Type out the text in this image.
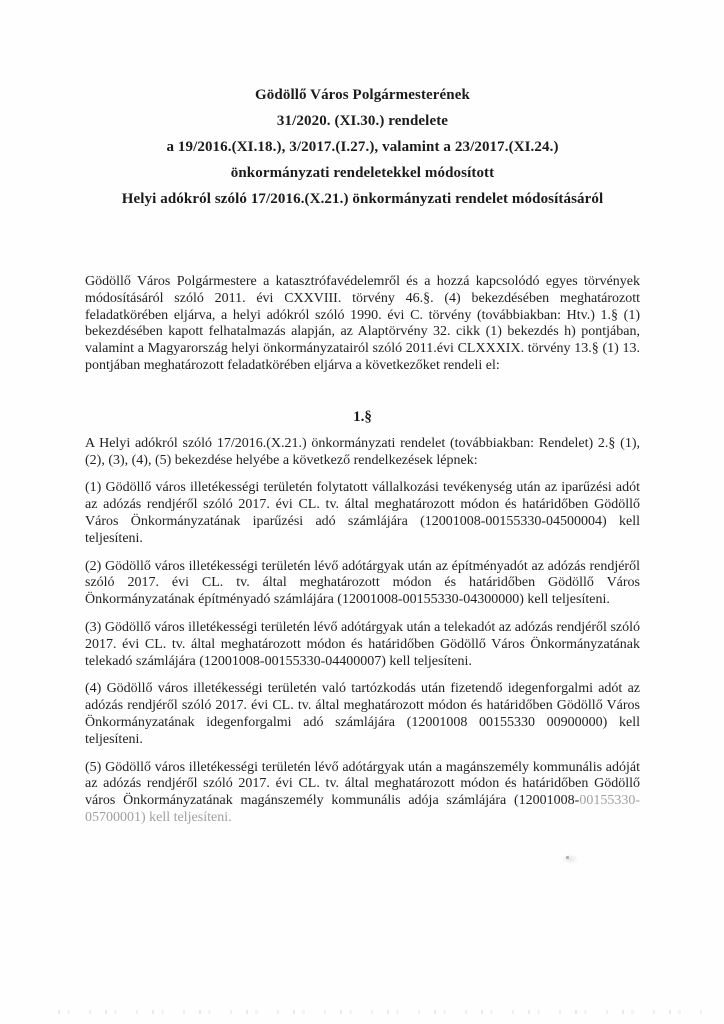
Gödöllő Város Polgármesterének
31/2020. (XI.30.) rendelete
a 19/2016.(XI.18.), 3/2017.(I.27.), valamint a 23/2017.(XI.24.)
önkormányzati rendeletekkel módosított
Helyi adókról szóló 17/2016.(X.21.) önkormányzati rendelet módosításáról

Gödöllő Város Polgármestere a katasztrófavédelemről és a hozzá kapcsolódó egyes törvények módosításáról szóló 2011. évi CXXVIII. törvény 46.§. (4) bekezdésében meghatározott feladatkörében eljárva, a helyi adókról szóló 1990. évi C. törvény (továbbiakban: Htv.) 1.§ (1) bekezdésében kapott felhatalmazás alapján, az Alaptörvény 32. cikk (1) bekezdés h) pontjában, valamint a Magyarország helyi önkormányzatairól szóló 2011.évi CLXXXIX. törvény 13.§ (1) 13. pontjában meghatározott feladatkörében eljárva a következőket rendeli el:

1.§

A Helyi adókról szóló 17/2016.(X.21.) önkormányzati rendelet (továbbiakban: Rendelet) 2.§ (1), (2), (3), (4), (5) bekezdése helyébe a következő rendelkezések lépnek:

(1) Gödöllő város illetékességi területén folytatott vállalkozási tevékenység után az iparűzési adót az adózás rendjéről szóló 2017. évi CL. tv. által meghatározott módon és határidőben Gödöllő Város Önkormányzatának iparűzési adó számlájára (12001008-00155330-04500004) kell teljesíteni.

(2) Gödöllő város illetékességi területén lévő adótárgyak után az építményadót az adózás rendjéről szóló 2017. évi CL. tv. által meghatározott módon és határidőben Gödöllő Város Önkormányzatának építményadó számlájára (12001008-00155330-04300000) kell teljesíteni.

(3) Gödöllő város illetékességi területén lévő adótárgyak után a telekadót az adózás rendjéről szóló 2017. évi CL. tv. által meghatározott módon és határidőben Gödöllő Város Önkormányzatának telekadó számlájára (12001008-00155330-04400007) kell teljesíteni.

(4) Gödöllő város illetékességi területén való tartózkodás után fizetendő idegenforgalmi adót az adózás rendjéről szóló 2017. évi CL. tv. által meghatározott módon és határidőben Gödöllő Város Önkormányzatának idegenforgalmi adó számlájára (12001008 00155330 00900000) kell teljesíteni.

(5) Gödöllő város illetékességi területén lévő adótárgyak után a magánszemély kommunális adóját az adózás rendjéről szóló 2017. évi CL. tv. által meghatározott módon és határidőben Gödöllő város Önkormányzatának magánszemély kommunális adója számlájára (12001008-00155330-05700001) kell teljesíteni.
